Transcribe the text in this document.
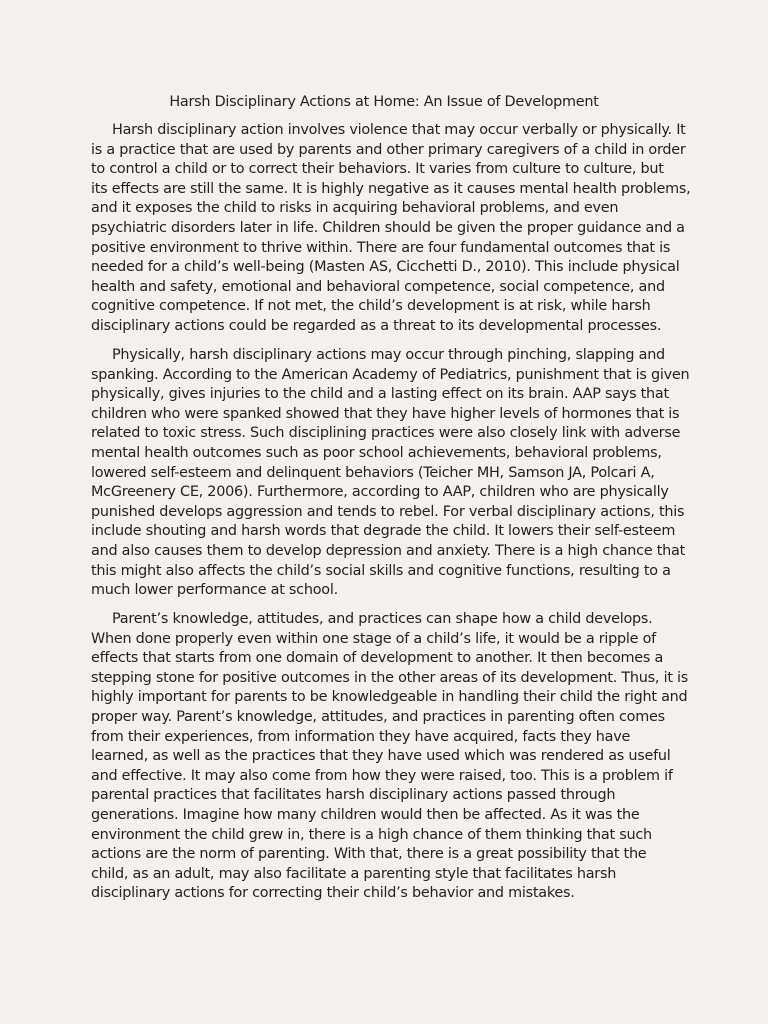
Harsh Disciplinary Actions at Home: An Issue of Development

Harsh disciplinary action involves violence that may occur verbally or physically. It
is a practice that are used by parents and other primary caregivers of a child in order
to control a child or to correct their behaviors. It varies from culture to culture, but
its effects are still the same. It is highly negative as it causes mental health problems,
and it exposes the child to risks in acquiring behavioral problems, and even
psychiatric disorders later in life. Children should be given the proper guidance and a
positive environment to thrive within. There are four fundamental outcomes that is
needed for a child’s well-being (Masten AS, Cicchetti D., 2010). This include physical
health and safety, emotional and behavioral competence, social competence, and
cognitive competence. If not met, the child’s development is at risk, while harsh
disciplinary actions could be regarded as a threat to its developmental processes.

Physically, harsh disciplinary actions may occur through pinching, slapping and
spanking. According to the American Academy of Pediatrics, punishment that is given
physically, gives injuries to the child and a lasting effect on its brain. AAP says that
children who were spanked showed that they have higher levels of hormones that is
related to toxic stress. Such disciplining practices were also closely link with adverse
mental health outcomes such as poor school achievements, behavioral problems,
lowered self-esteem and delinquent behaviors (Teicher MH, Samson JA, Polcari A,
McGreenery CE, 2006). Furthermore, according to AAP, children who are physically
punished develops aggression and tends to rebel. For verbal disciplinary actions, this
include shouting and harsh words that degrade the child. It lowers their self-esteem
and also causes them to develop depression and anxiety. There is a high chance that
this might also affects the child’s social skills and cognitive functions, resulting to a
much lower performance at school.

Parent’s knowledge, attitudes, and practices can shape how a child develops.
When done properly even within one stage of a child’s life, it would be a ripple of
effects that starts from one domain of development to another. It then becomes a
stepping stone for positive outcomes in the other areas of its development. Thus, it is
highly important for parents to be knowledgeable in handling their child the right and
proper way. Parent’s knowledge, attitudes, and practices in parenting often comes
from their experiences, from information they have acquired, facts they have
learned, as well as the practices that they have used which was rendered as useful
and effective. It may also come from how they were raised, too. This is a problem if
parental practices that facilitates harsh disciplinary actions passed through
generations. Imagine how many children would then be affected. As it was the
environment the child grew in, there is a high chance of them thinking that such
actions are the norm of parenting. With that, there is a great possibility that the
child, as an adult, may also facilitate a parenting style that facilitates harsh
disciplinary actions for correcting their child’s behavior and mistakes.
